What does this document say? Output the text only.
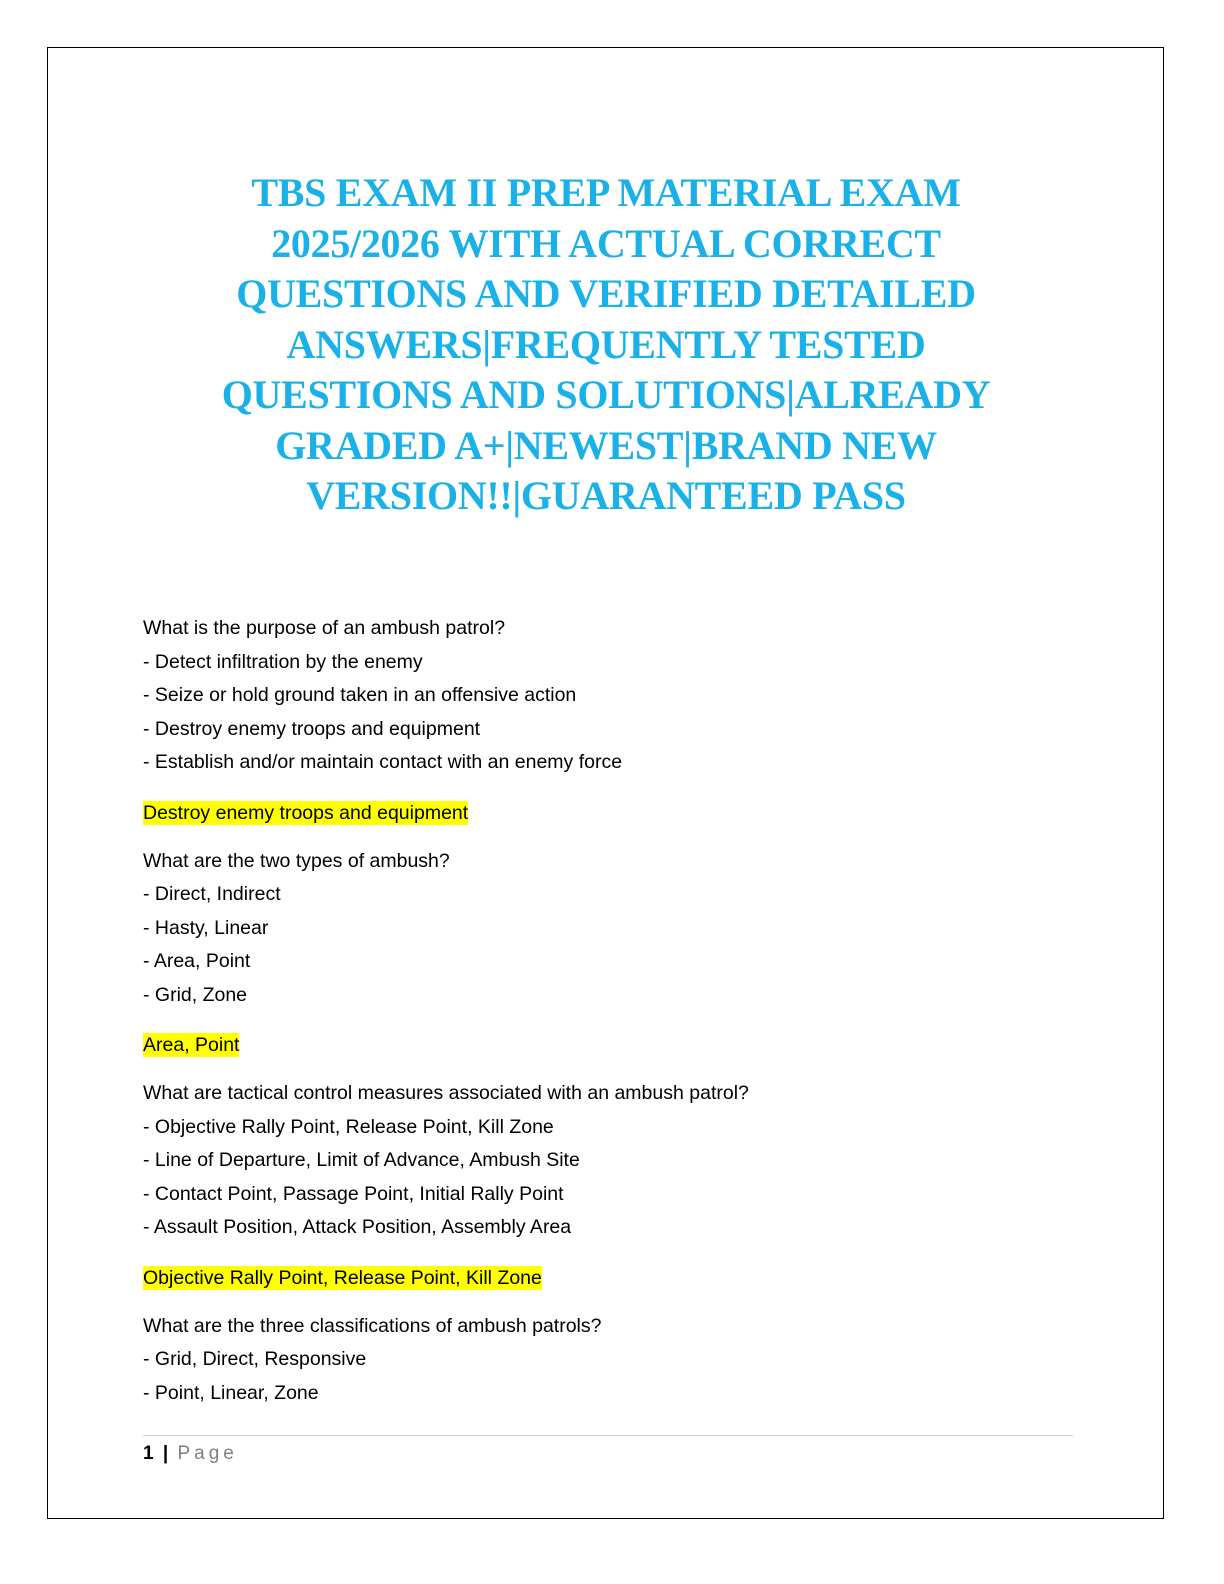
TBS EXAM II PREP MATERIAL EXAM
2025/2026 WITH ACTUAL CORRECT
QUESTIONS AND VERIFIED DETAILED
ANSWERS|FREQUENTLY TESTED
QUESTIONS AND SOLUTIONS|ALREADY
GRADED A+|NEWEST|BRAND NEW
VERSION!!|GUARANTEED PASS
What is the purpose of an ambush patrol?
- Detect infiltration by the enemy
- Seize or hold ground taken in an offensive action
- Destroy enemy troops and equipment
- Establish and/or maintain contact with an enemy force
Destroy enemy troops and equipment
What are the two types of ambush?
- Direct, Indirect
- Hasty, Linear
- Area, Point
- Grid, Zone
Area, Point
What are tactical control measures associated with an ambush patrol?
- Objective Rally Point, Release Point, Kill Zone
- Line of Departure, Limit of Advance, Ambush Site
- Contact Point, Passage Point, Initial Rally Point
- Assault Position, Attack Position, Assembly Area
Objective Rally Point, Release Point, Kill Zone
What are the three classifications of ambush patrols?
- Grid, Direct, Responsive
- Point, Linear, Zone
1 | Page
